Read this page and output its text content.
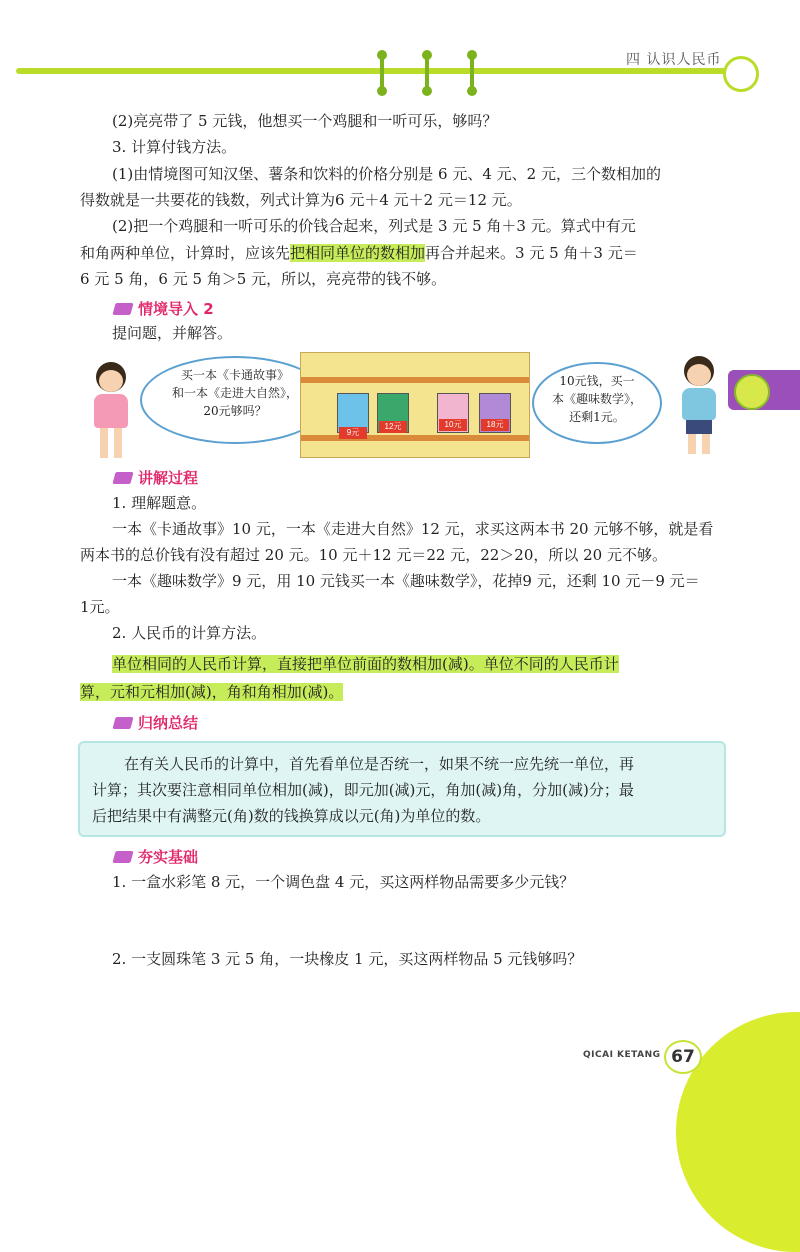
四 认识人民币
(2)亮亮带了 5 元钱，他想买一个鸡腿和一听可乐，够吗？
3. 计算付钱方法。
(1)由情境图可知汉堡、薯条和饮料的价格分别是 6 元、4 元、2 元，三个数相加的
得数就是一共要花的钱数，列式计算为6 元＋4 元＋2 元＝12 元。
(2)把一个鸡腿和一听可乐的价钱合起来，列式是 3 元 5 角＋3 元。算式中有元
和角两种单位，计算时，应该先把相同单位的数相加再合并起来。3 元 5 角＋3 元＝
6 元 5 角，6 元 5 角＞5 元，所以，亮亮带的钱不够。
情境导入 2
提问题，并解答。
买一本《卡通故事》
和一本《走进大自然》，
20元够吗？
9元
12元	10元	18元
10元钱，买一
本《趣味数学》，
还剩1元。
讲解过程
1. 理解题意。
一本《卡通故事》10 元，一本《走进大自然》12 元，求买这两本书 20 元够不够，就是看
两本书的总价钱有没有超过 20 元。10 元＋12 元＝22 元，22＞20，所以 20 元不够。
一本《趣味数学》9 元，用 10 元钱买一本《趣味数学》，花掉9 元，还剩 10 元－9 元＝
1元。
2. 人民币的计算方法。
单位相同的人民币计算，直接把单位前面的数相加(减)。单位不同的人民币计
算，元和元相加(减)，角和角相加(减)。
归纳总结
在有关人民币的计算中，首先看单位是否统一，如果不统一应先统一单位，再
计算；其次要注意相同单位相加(减)，即元加(减)元，角加(减)角，分加(减)分；最
后把结果中有满整元(角)数的钱换算成以元(角)为单位的数。
夯实基础
1. 一盒水彩笔 8 元，一个调色盘 4 元，买这两样物品需要多少元钱？
2. 一支圆珠笔 3 元 5 角，一块橡皮 1 元，买这两样物品 5 元钱够吗？
QICAI KETANG 67
